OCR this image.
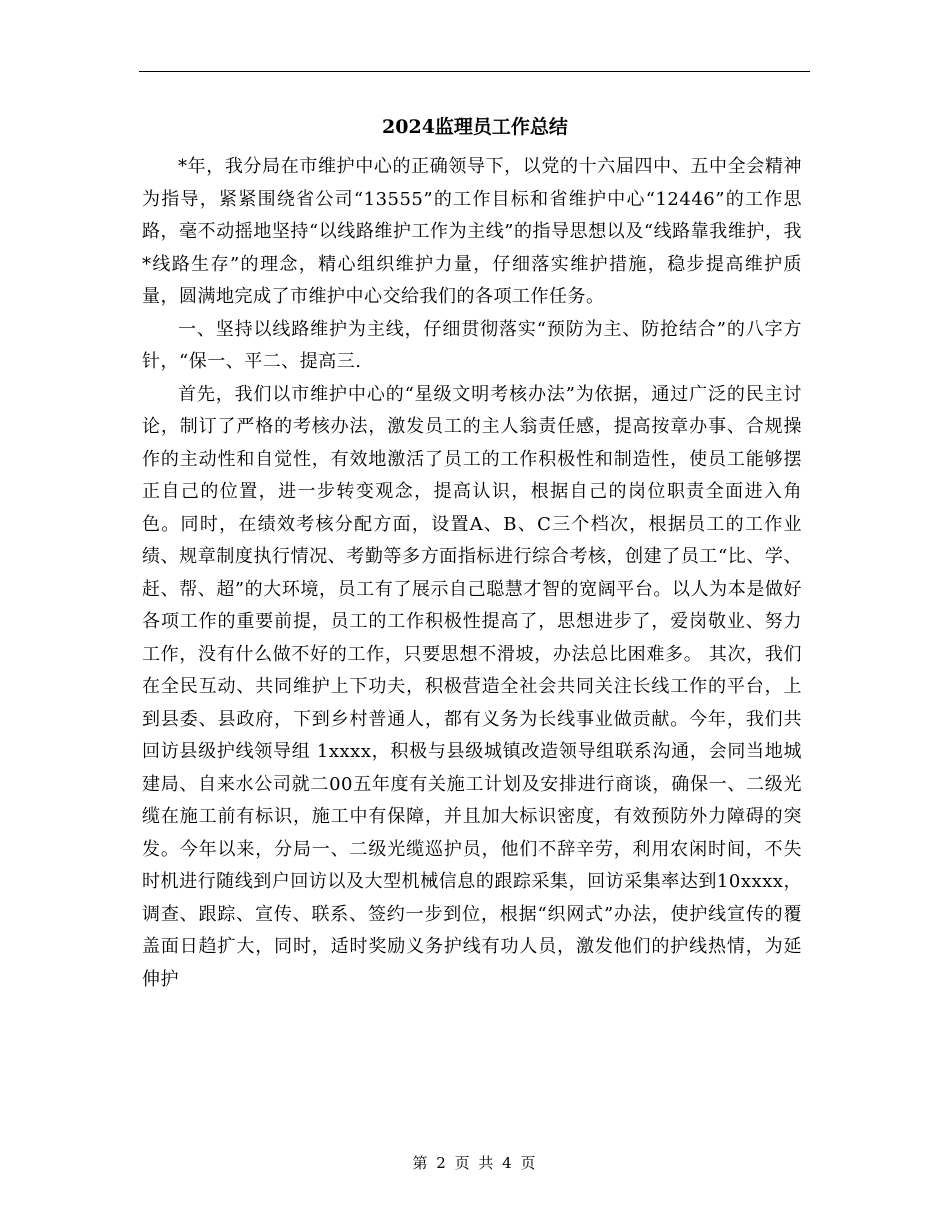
2024监理员工作总结

*年，我分局在市维护中心的正确领导下，以党的十六届四中、五中全会精神为指导，紧紧围绕省公司“13555”的工作目标和省维护中心“12446”的工作思路，毫不动摇地坚持“以线路维护工作为主线”的指导思想以及“线路靠我维护，我*线路生存”的理念，精心组织维护力量，仔细落实维护措施，稳步提高维护质量，圆满地完成了市维护中心交给我们的各项工作任务。

一、坚持以线路维护为主线，仔细贯彻落实“预防为主、防抢结合”的八字方针，“保一、平二、提高三.

首先，我们以市维护中心的“星级文明考核办法”为依据，通过广泛的民主讨论，制订了严格的考核办法，激发员工的主人翁责任感，提高按章办事、合规操作的主动性和自觉性，有效地激活了员工的工作积极性和制造性，使员工能够摆正自己的位置，进一步转变观念，提高认识，根据自己的岗位职责全面进入角色。同时，在绩效考核分配方面，设置A、B、C三个档次，根据员工的工作业绩、规章制度执行情况、考勤等多方面指标进行综合考核，创建了员工“比、学、赶、帮、超”的大环境，员工有了展示自己聪慧才智的宽阔平台。以人为本是做好各项工作的重要前提，员工的工作积极性提高了，思想进步了，爱岗敬业、努力工作，没有什么做不好的工作，只要思想不滑坡，办法总比困难多。 其次，我们在全民互动、共同维护上下功夫，积极营造全社会共同关注长线工作的平台，上到县委、县政府，下到乡村普通人，都有义务为长线事业做贡献。今年，我们共回访县级护线领导组 1xxxx，积极与县级城镇改造领导组联系沟通，会同当地城建局、自来水公司就二00五年度有关施工计划及安排进行商谈，确保一、二级光缆在施工前有标识，施工中有保障，并且加大标识密度，有效预防外力障碍的突发。今年以来，分局一、二级光缆巡护员，他们不辞辛劳，利用农闲时间，不失时机进行随线到户回访以及大型机械信息的跟踪采集，回访采集率达到10xxxx，调查、跟踪、宣传、联系、签约一步到位，根据“织网式”办法，使护线宣传的覆盖面日趋扩大，同时，适时奖励义务护线有功人员，激发他们的护线热情，为延伸护

第 2 页 共 4 页
